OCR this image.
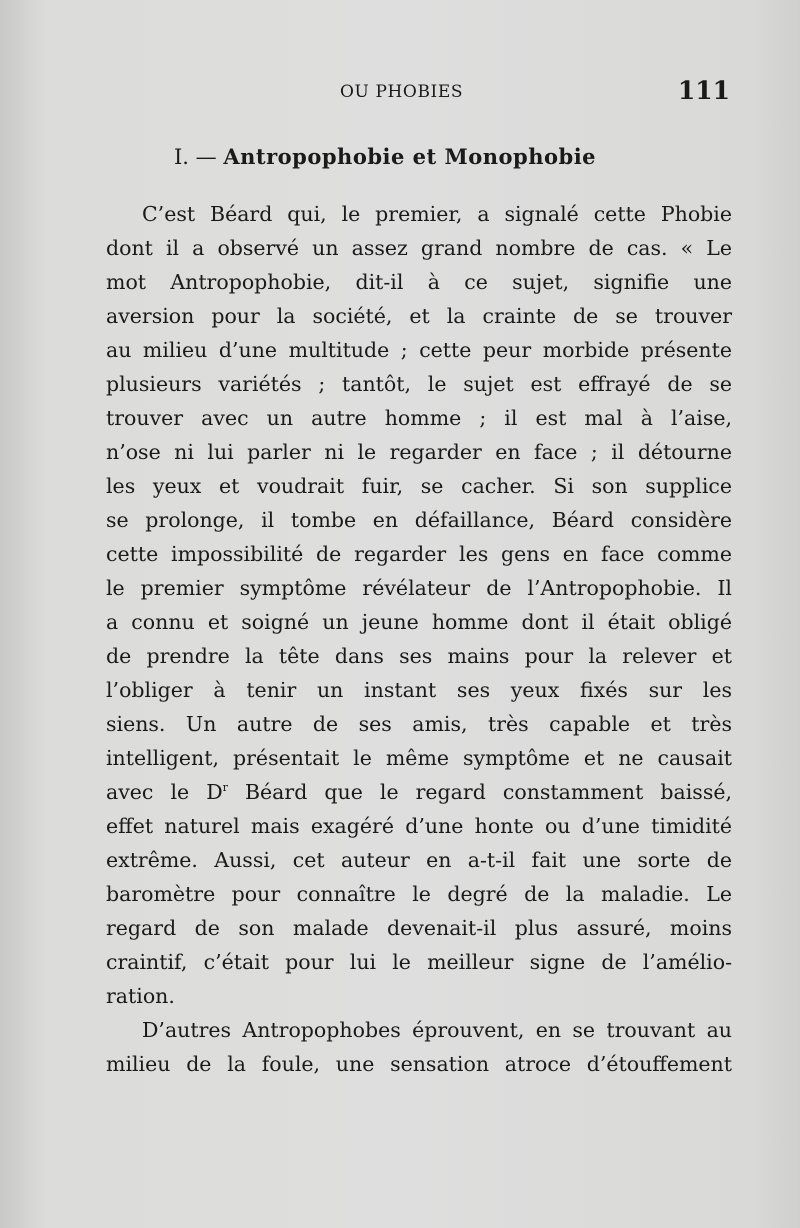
OU PHOBIES	111
I. — Antropophobie et Monophobie
C’est Béard qui, le premier, a signalé cette Phobie
dont il a observé un assez grand nombre de cas. « Le
mot Antropophobie, dit-il à ce sujet, signifie une
aversion pour la société, et la crainte de se trouver
au milieu d’une multitude ; cette peur morbide présente
plusieurs variétés ; tantôt, le sujet est effrayé de se
trouver avec un autre homme ; il est mal à l’aise,
n’ose ni lui parler ni le regarder en face ; il détourne
les yeux et voudrait fuir, se cacher. Si son supplice
se prolonge, il tombe en défaillance, Béard considère
cette impossibilité de regarder les gens en face comme
le premier symptôme révélateur de l’Antropophobie. Il
a connu et soigné un jeune homme dont il était obligé
de prendre la tête dans ses mains pour la relever et
l’obliger à tenir un instant ses yeux fixés sur les
siens. Un autre de ses amis, très capable et très
intelligent, présentait le même symptôme et ne causait
avec le $D^r$ Béard que le regard constamment baissé,
effet naturel mais exagéré d’une honte ou d’une timidité
extrême. Aussi, cet auteur en a-t-il fait une sorte de
baromètre pour connaître le degré de la maladie. Le
regard de son malade devenait-il plus assuré, moins
craintif, c’était pour lui le meilleur signe de l’amélio-
ration.
D’autres Antropophobes éprouvent, en se trouvant au
milieu de la foule, une sensation atroce d’étouffement
